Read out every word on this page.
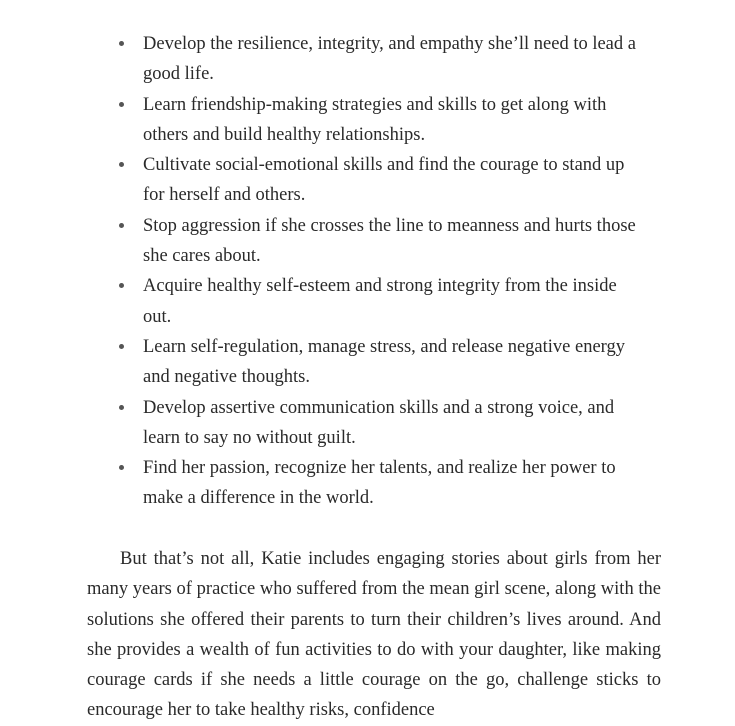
Develop the resilience, integrity, and empathy she’ll need to lead a good life.
Learn friendship-making strategies and skills to get along with others and build healthy relationships.
Cultivate social-emotional skills and find the courage to stand up for herself and others.
Stop aggression if she crosses the line to meanness and hurts those she cares about.
Acquire healthy self-esteem and strong integrity from the inside out.
Learn self-regulation, manage stress, and release negative energy and negative thoughts.
Develop assertive communication skills and a strong voice, and learn to say no without guilt.
Find her passion, recognize her talents, and realize her power to make a difference in the world.

But that’s not all, Katie includes engaging stories about girls from her many years of practice who suffered from the mean girl scene, along with the solutions she offered their parents to turn their children’s lives around. And she provides a wealth of fun activities to do with your daughter, like making courage cards if she needs a little courage on the go, challenge sticks to encourage her to take healthy risks, confidence
